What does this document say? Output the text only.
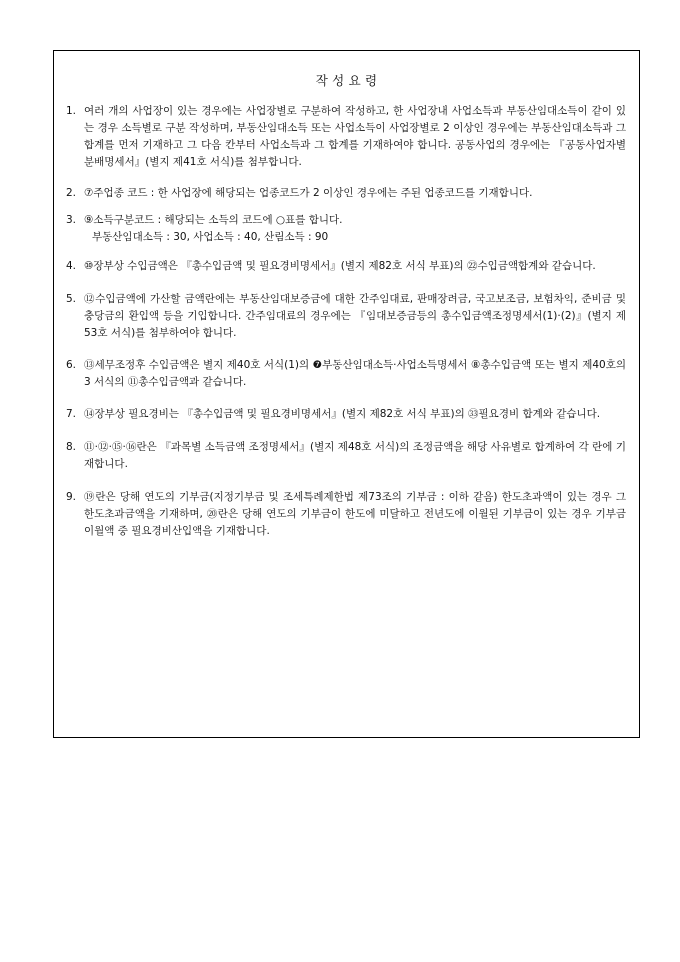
작 성 요 령
1. 여러 개의 사업장이 있는 경우에는 사업장별로 구분하여 작성하고, 한 사업장내 사업소득과 부동산임대소득이 같이 있는 경우 소득별로 구분 작성하며, 부동산임대소득 또는 사업소득이 사업장별로 2 이상인 경우에는 부동산임대소득과 그 합계를 먼저 기재하고 그 다음 칸부터 사업소득과 그 합계를 기재하여야 합니다. 공동사업의 경우에는 『공동사업자별 분배명세서』(별지 제41호 서식)를 첨부합니다.
2. ⑦주업종 코드 : 한 사업장에 해당되는 업종코드가 2 이상인 경우에는 주된 업종코드를 기재합니다.
3. ⑨소득구분코드 : 해당되는 소득의 코드에 ○표를 합니다.
부동산임대소득 : 30, 사업소득 : 40, 산림소득 : 90
4. ⑩장부상 수입금액은 『총수입금액 및 필요경비명세서』(별지 제82호 서식 부표)의 ㉒수입금액합계와 같습니다.
5. ⑫수입금액에 가산할 금액란에는 부동산임대보증금에 대한 간주임대료, 판매장려금, 국고보조금, 보험차익, 준비금 및 충당금의 환입액 등을 기입합니다. 간주임대료의 경우에는 『임대보증금등의 총수입금액조정명세서(1)·(2)』(별지 제53호 서식)를 첨부하여야 합니다.
6. ⑬세무조정후 수입금액은 별지 제40호 서식(1)의 ❼부동산임대소득·사업소득명세서 ⑧총수입금액 또는 별지 제40호의 3 서식의 ⑪총수입금액과 같습니다.
7. ⑭장부상 필요경비는 『총수입금액 및 필요경비명세서』(별지 제82호 서식 부표)의 ㉝필요경비 합계와 같습니다.
8. ⑪·⑫·⑮·⑯란은 『과목별 소득금액 조정명세서』(별지 제48호 서식)의 조정금액을 해당 사유별로 합계하여 각 란에 기재합니다.
9. ⑲란은 당해 연도의 기부금(지정기부금 및 조세특례제한법 제73조의 기부금 : 이하 같음) 한도초과액이 있는 경우 그 한도초과금액을 기재하며, ⑳란은 당해 연도의 기부금이 한도에 미달하고 전년도에 이월된 기부금이 있는 경우 기부금이월액 중 필요경비산입액을 기재합니다.
